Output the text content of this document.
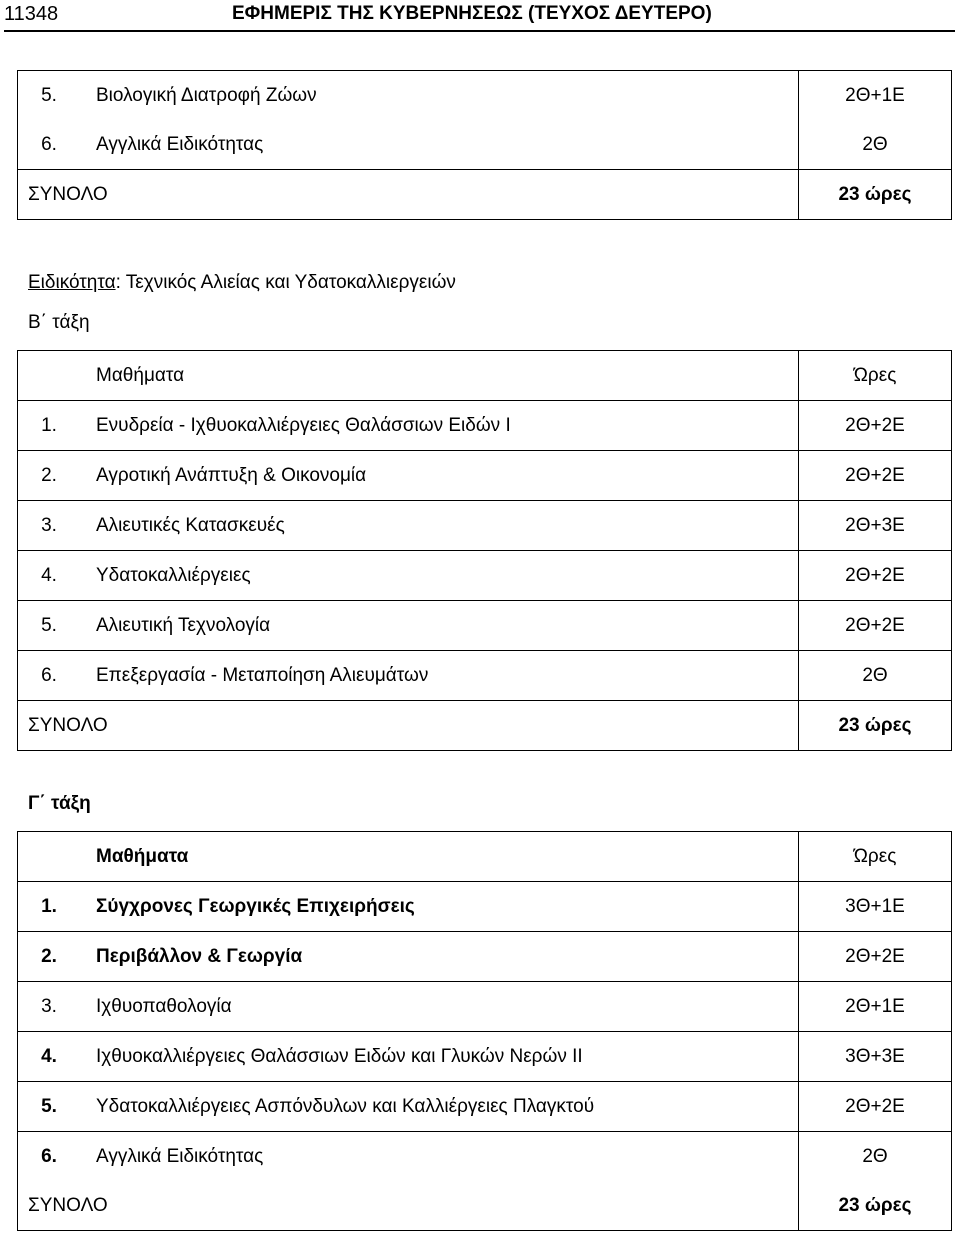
11348	ΕΦΗΜΕΡΙΣ ΤΗΣ ΚΥΒΕΡΝΗΣΕΩΣ (ΤΕΥΧΟΣ ΔΕΥΤΕΡΟ)
5.	Βιολογική Διατροφή Ζώων	2Θ+1Ε
6.	Αγγλικά Ειδικότητας	2Θ
ΣΥΝΟΛΟ		23 ώρες
Ειδικότητα: Τεχνικός Αλιείας και Υδατοκαλλιεργειών
Β΄ τάξη
	Μαθήματα	Ώρες
1.	Ενυδρεία - Ιχθυοκαλλιέργειες Θαλάσσιων Ειδών Ι	2Θ+2Ε
2.	Αγροτική Ανάπτυξη & Οικονομία	2Θ+2Ε
3.	Αλιευτικές Κατασκευές	2Θ+3Ε
4.	Υδατοκαλλιέργειες	2Θ+2Ε
5.	Αλιευτική Τεχνολογία	2Θ+2Ε
6.	Επεξεργασία - Μεταποίηση Αλιευμάτων	2Θ
ΣΥΝΟΛΟ		23 ώρες
Γ΄ τάξη
	Μαθήματα	Ώρες
1.	Σύγχρονες Γεωργικές Επιχειρήσεις	3Θ+1Ε
2.	Περιβάλλον & Γεωργία	2Θ+2Ε
3.	Ιχθυοπαθολογία	2Θ+1Ε
4.	Ιχθυοκαλλιέργειες Θαλάσσιων Ειδών και Γλυκών Νερών ΙΙ	3Θ+3Ε
5.	Υδατοκαλλιέργειες Ασπόνδυλων και Καλλιέργειες Πλαγκτού	2Θ+2Ε
6.	Αγγλικά Ειδικότητας	2Θ
ΣΥΝΟΛΟ		23 ώρες
